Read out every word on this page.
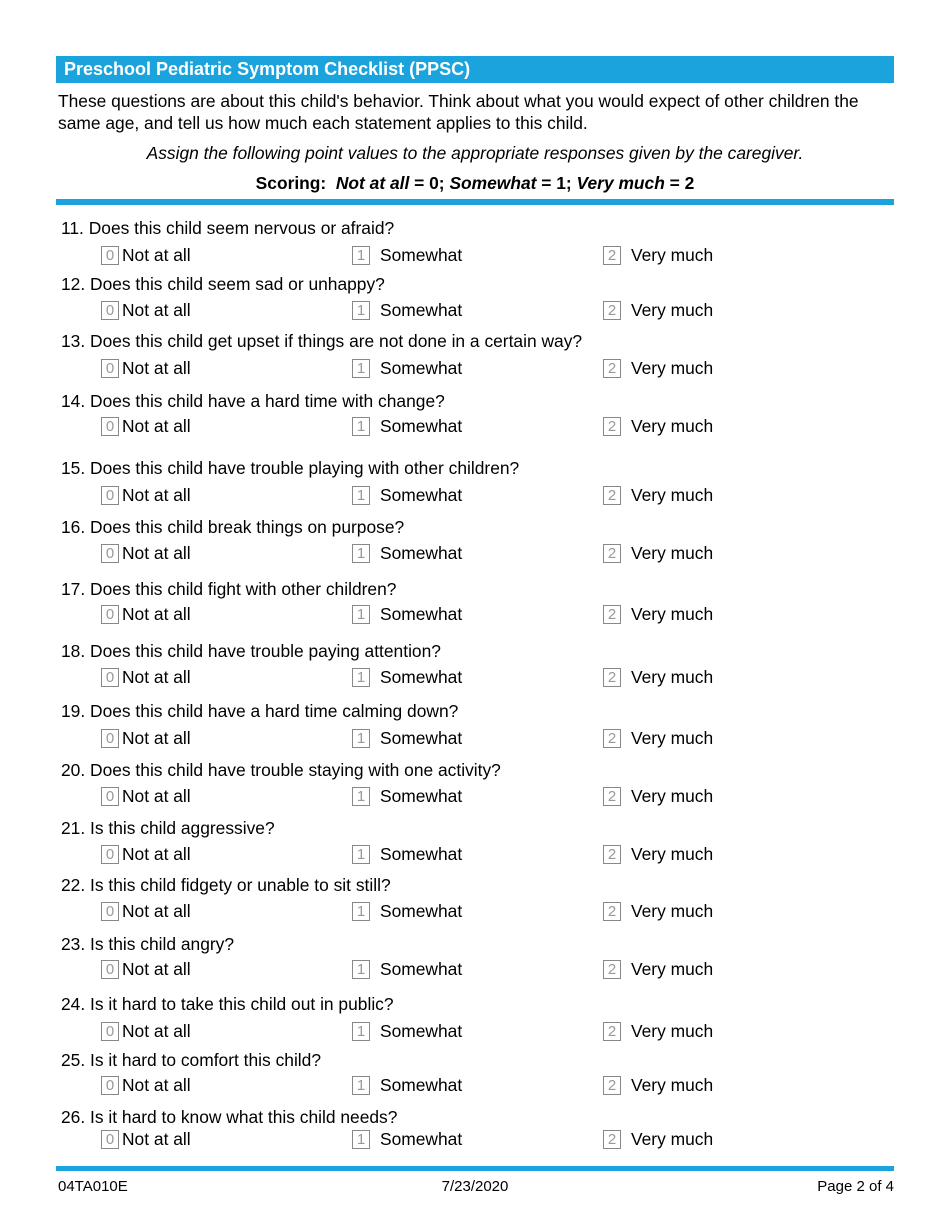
Preschool Pediatric Symptom Checklist (PPSC)

These questions are about this child's behavior. Think about what you would expect of other children the same age, and tell us how much each statement applies to this child.

Assign the following point values to the appropriate responses given by the caregiver.
Scoring: Not at all = 0; Somewhat = 1; Very much = 2
11. Does this child seem nervous or afraid?
0 Not at all	1 Somewhat	2 Very much
12. Does this child seem sad or unhappy?
0 Not at all	1 Somewhat	2 Very much
13. Does this child get upset if things are not done in a certain way?
0 Not at all	1 Somewhat	2 Very much
14. Does this child have a hard time with change?
0 Not at all	1 Somewhat	2 Very much
15. Does this child have trouble playing with other children?
0 Not at all	1 Somewhat	2 Very much
16. Does this child break things on purpose?
0 Not at all	1 Somewhat	2 Very much
17. Does this child fight with other children?
0 Not at all	1 Somewhat	2 Very much
18. Does this child have trouble paying attention?
0 Not at all	1 Somewhat	2 Very much
19. Does this child have a hard time calming down?
0 Not at all	1 Somewhat	2 Very much
20. Does this child have trouble staying with one activity?
0 Not at all	1 Somewhat	2 Very much
21. Is this child aggressive?
0 Not at all	1 Somewhat	2 Very much
22. Is this child fidgety or unable to sit still?
0 Not at all	1 Somewhat	2 Very much
23. Is this child angry?
0 Not at all	1 Somewhat	2 Very much
24. Is it hard to take this child out in public?
0 Not at all	1 Somewhat	2 Very much
25. Is it hard to comfort this child?
0 Not at all	1 Somewhat	2 Very much
26. Is it hard to know what this child needs?
0 Not at all	1 Somewhat	2 Very much
04TA010E	7/23/2020	Page 2 of 4
